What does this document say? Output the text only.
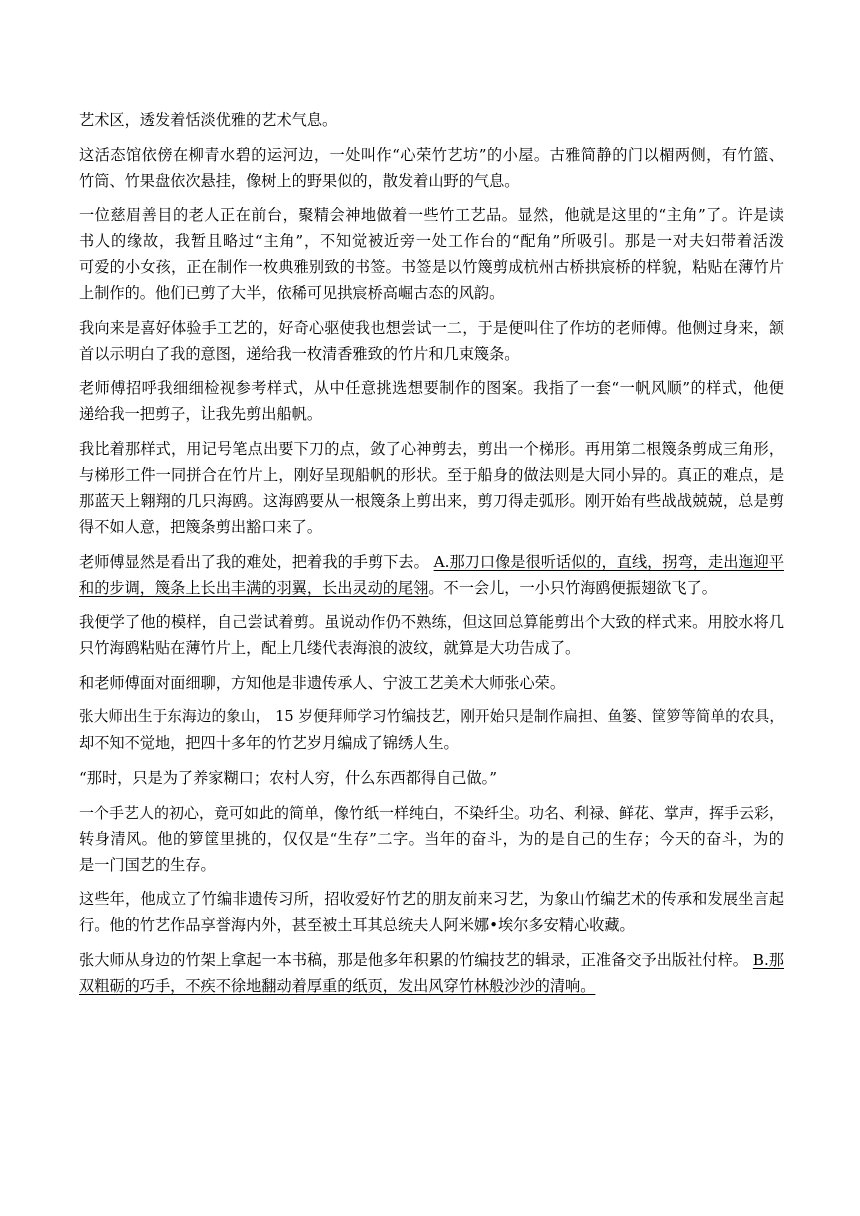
艺术区，透发着恬淡优雅的艺术气息。

这活态馆依傍在柳青水碧的运河边，一处叫作“心荣竹艺坊”的小屋。古雅简静的门以楣两侧，有竹篮、

竹筒、竹果盘依次悬挂，像树上的野果似的，散发着山野的气息。

一位慈眉善目的老人正在前台，聚精会神地做着一些竹工艺品。显然，他就是这里的“主角”了。许是读

书人的缘故，我暂且略过“主角”，不知觉被近旁一处工作台的“配角”所吸引。那是一对夫妇带着活泼

可爱的小女孩，正在制作一枚典雅别致的书签。书签是以竹篾剪成杭州古桥拱宸桥的样貌，粘贴在薄竹片

上制作的。他们已剪了大半，依稀可见拱宸桥高崛古态的风韵。

我向来是喜好体验手工艺的，好奇心驱使我也想尝试一二，于是便叫住了作坊的老师傅。他侧过身来，颔

首以示明白了我的意图，递给我一枚清香雅致的竹片和几束篾条。

老师傅招呼我细细检视参考样式，从中任意挑选想要制作的图案。我指了一套“一帆风顺”的样式，他便

递给我一把剪子，让我先剪出船帆。

我比着那样式，用记号笔点出要下刀的点，敛了心神剪去，剪出一个梯形。再用第二根篾条剪成三角形，

与梯形工件一同拼合在竹片上，刚好呈现船帆的形状。至于船身的做法则是大同小异的。真正的难点，是

那蓝天上翱翔的几只海鸥。这海鸥要从一根篾条上剪出来，剪刀得走弧形。刚开始有些战战兢兢，总是剪

得不如人意，把篾条剪出豁口来了。

老师傅显然是看出了我的难处，把着我的手剪下去。 A.那刀口像是很听话似的，直线，拐弯，走出迤迎平

和的步调，篾条上长出丰满的羽翼，长出灵动的尾翎。不一会儿，一小只竹海鸥便振翅欲飞了。

我便学了他的模样，自己尝试着剪。虽说动作仍不熟练，但这回总算能剪出个大致的样式来。用胶水将几

只竹海鸥粘贴在薄竹片上，配上几缕代表海浪的波纹，就算是大功告成了。

和老师傅面对面细聊，方知他是非遗传承人、宁波工艺美术大师张心荣。

张大师出生于东海边的象山， 15 岁便拜师学习竹编技艺，刚开始只是制作扁担、鱼篓、筐箩等简单的农具，

却不知不觉地，把四十多年的竹艺岁月编成了锦绣人生。

“那时，只是为了养家糊口；农村人穷，什么东西都得自己做。”

一个手艺人的初心，竟可如此的简单，像竹纸一样纯白，不染纤尘。功名、利禄、鲜花、掌声，挥手云彩，

转身清风。他的箩筐里挑的，仅仅是“生存”二字。当年的奋斗，为的是自己的生存；今天的奋斗，为的

是一门国艺的生存。

这些年，他成立了竹编非遗传习所，招收爱好竹艺的朋友前来习艺，为象山竹编艺术的传承和发展坐言起

行。他的竹艺作品享誉海内外，甚至被土耳其总统夫人阿米娜•埃尔多安精心收藏。

张大师从身边的竹架上拿起一本书稿，那是他多年积累的竹编技艺的辑录，正准备交予出版社付梓。 B.那

双粗砺的巧手，不疾不徐地翻动着厚重的纸页，发出风穿竹林般沙沙的清响。
